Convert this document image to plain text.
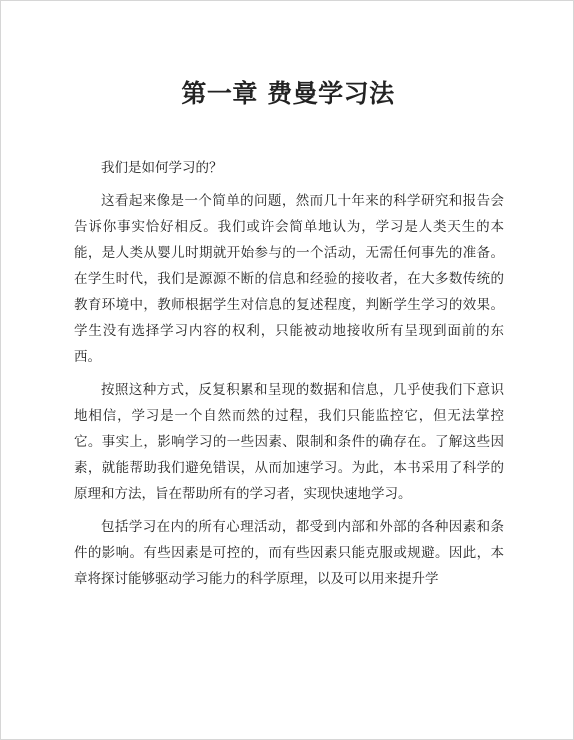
第一章 费曼学习法

我们是如何学习的？

这看起来像是一个简单的问题，然而几十年来的科学研究和报告会告诉你事实恰好相反。我们或许会简单地认为，学习是人类天生的本能，是人类从婴儿时期就开始参与的一个活动，无需任何事先的准备。在学生时代，我们是源源不断的信息和经验的接收者，在大多数传统的教育环境中，教师根据学生对信息的复述程度，判断学生学习的效果。学生没有选择学习内容的权利，只能被动地接收所有呈现到面前的东西。

按照这种方式，反复积累和呈现的数据和信息，几乎使我们下意识地相信，学习是一个自然而然的过程，我们只能监控它，但无法掌控它。事实上，影响学习的一些因素、限制和条件的确存在。了解这些因素，就能帮助我们避免错误，从而加速学习。为此，本书采用了科学的原理和方法，旨在帮助所有的学习者，实现快速地学习。

包括学习在内的所有心理活动，都受到内部和外部的各种因素和条件的影响。有些因素是可控的，而有些因素只能克服或规避。因此，本章将探讨能够驱动学习能力的科学原理，以及可以用来提升学
